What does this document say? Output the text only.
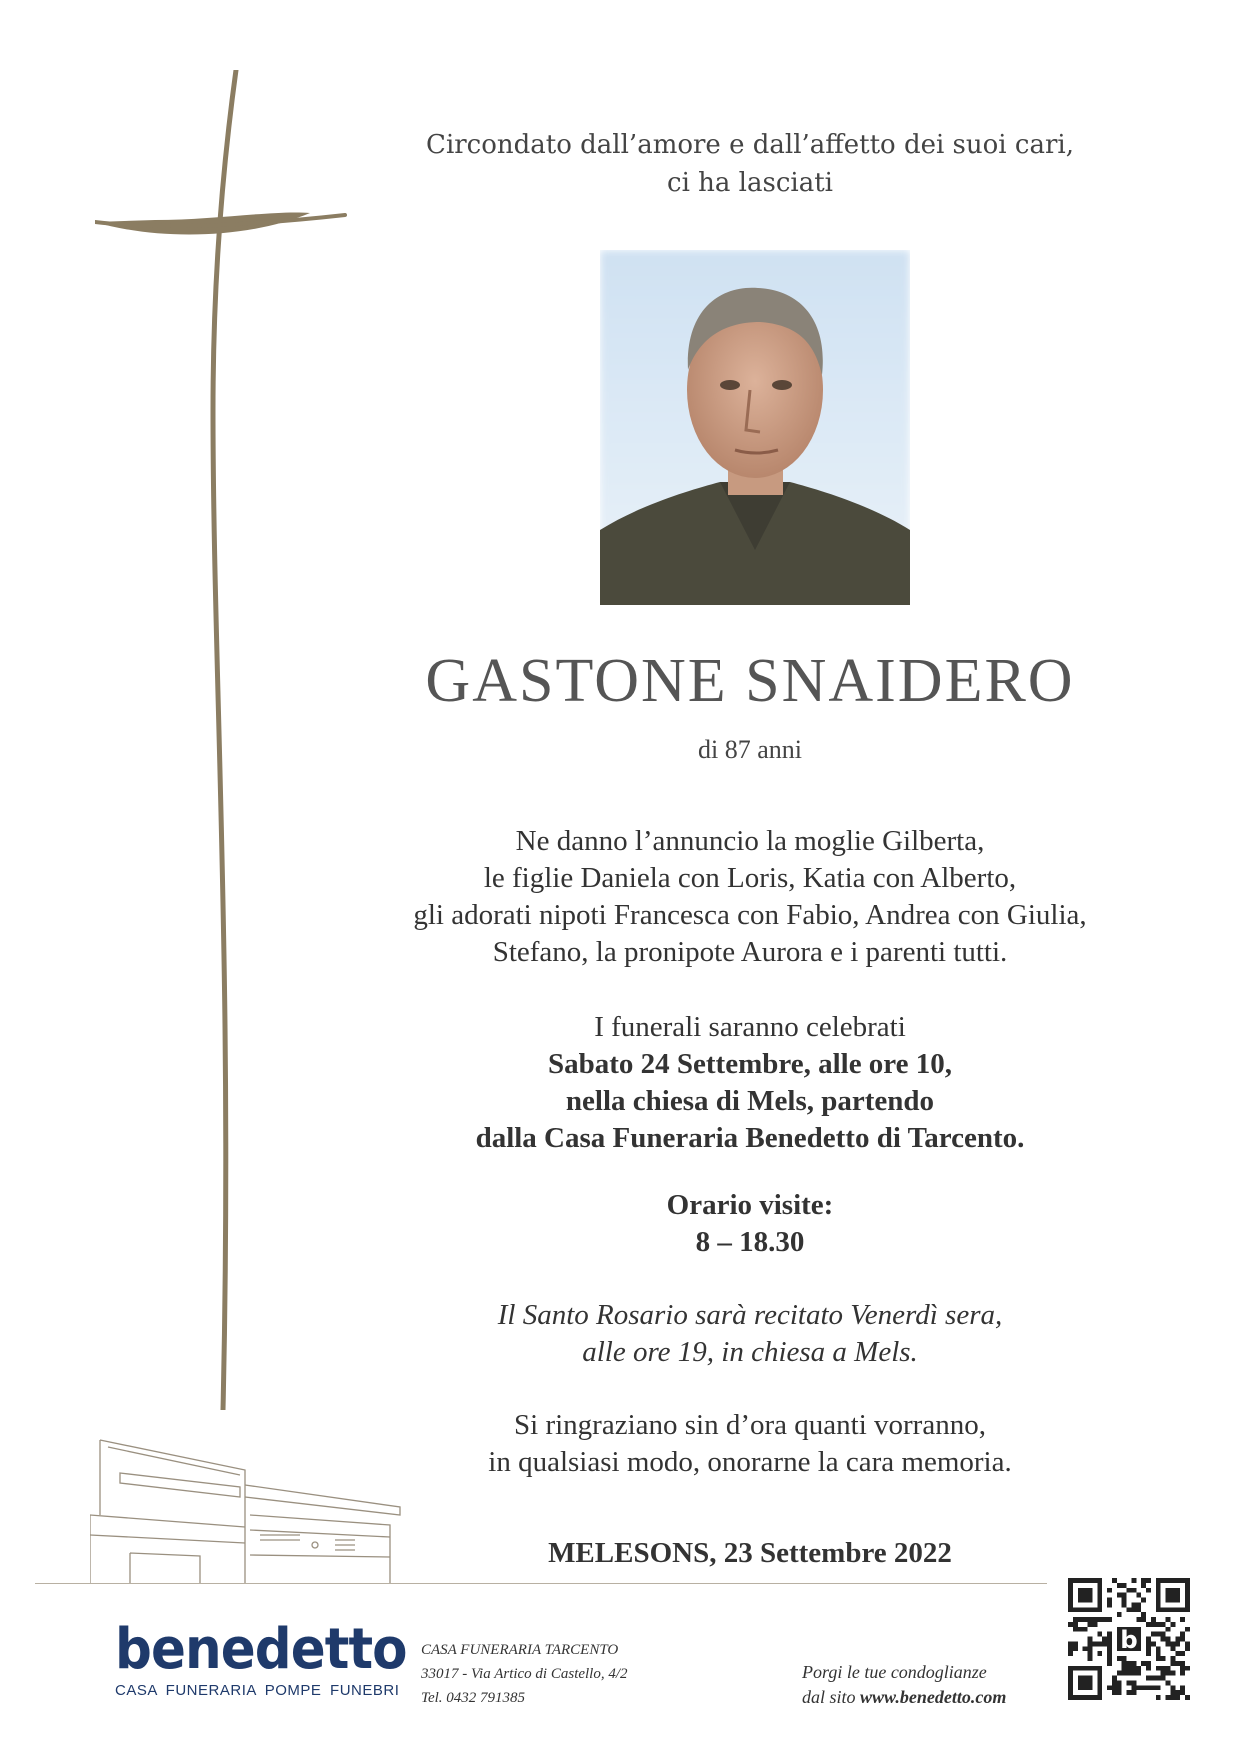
Circondato dall’amore e dall’affetto dei suoi cari,
ci ha lasciati
GASTONE SNAIDERO
di 87 anni
Ne danno l’annuncio la moglie Gilberta,
le figlie Daniela con Loris, Katia con Alberto,
gli adorati nipoti Francesca con Fabio, Andrea con Giulia,
Stefano, la pronipote Aurora e i parenti tutti.
I funerali saranno celebrati
Sabato 24 Settembre, alle ore 10,
nella chiesa di Mels, partendo
dalla Casa Funeraria Benedetto di Tarcento.
Orario visite:
8 – 18.30
Il Santo Rosario sarà recitato Venerdì sera,
alle ore 19, in chiesa a Mels.
Si ringraziano sin d’ora quanti vorranno,
in qualsiasi modo, onorarne la cara memoria.
MELESONS, 23 Settembre 2022
benedetto
CASA FUNERARIA POMPE FUNEBRI
CASA FUNERARIA TARCENTO
33017 - Via Artico di Castello, 4/2
Tel. 0432 791385
Porgi le tue condoglianze
dal sito www.benedetto.com
b
